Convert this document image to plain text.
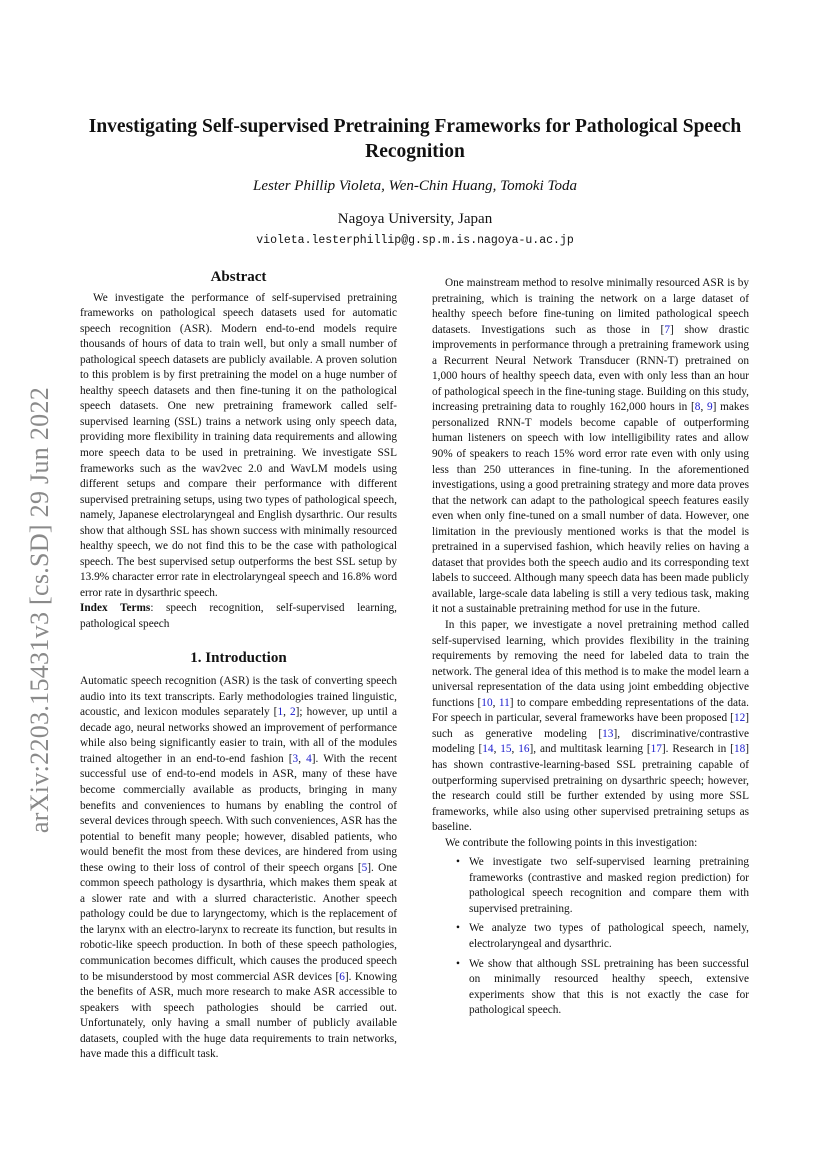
arXiv:2203.15431v3 [cs.SD] 29 Jun 2022
Investigating Self-supervised Pretraining Frameworks for Pathological Speech Recognition
Lester Phillip Violeta, Wen-Chin Huang, Tomoki Toda
Nagoya University, Japan
violeta.lesterphillip@g.sp.m.is.nagoya-u.ac.jp
Abstract

We investigate the performance of self-supervised pretraining frameworks on pathological speech datasets used for automatic speech recognition (ASR). Modern end-to-end models require thousands of hours of data to train well, but only a small number of pathological speech datasets are publicly available. A proven solution to this problem is by first pretraining the model on a huge number of healthy speech datasets and then fine-tuning it on the pathological speech datasets. One new pretraining framework called self-supervised learning (SSL) trains a network using only speech data, providing more flexibility in training data requirements and allowing more speech data to be used in pretraining. We investigate SSL frameworks such as the wav2vec 2.0 and WavLM models using different setups and compare their performance with different supervised pretraining setups, using two types of pathological speech, namely, Japanese electrolaryngeal and English dysarthric. Our results show that although SSL has shown success with minimally resourced healthy speech, we do not find this to be the case with pathological speech. The best supervised setup outperforms the best SSL setup by 13.9% character error rate in electrolaryngeal speech and 16.8% word error rate in dysarthric speech.

Index Terms: speech recognition, self-supervised learning, pathological speech

1. Introduction

Automatic speech recognition (ASR) is the task of converting speech audio into its text transcripts. Early methodologies trained linguistic, acoustic, and lexicon modules separately [1, 2]; however, up until a decade ago, neural networks showed an improvement of performance while also being significantly easier to train, with all of the modules trained altogether in an end-to-end fashion [3, 4]. With the recent successful use of end-to-end models in ASR, many of these have become commercially available as products, bringing in many benefits and conveniences to humans by enabling the control of several devices through speech. With such conveniences, ASR has the potential to benefit many people; however, disabled patients, who would benefit the most from these devices, are hindered from using these owing to their loss of control of their speech organs [5]. One common speech pathology is dysarthria, which makes them speak at a slower rate and with a slurred characteristic. Another speech pathology could be due to laryngectomy, which is the replacement of the larynx with an electro-larynx to recreate its function, but results in robotic-like speech production. In both of these speech pathologies, communication becomes difficult, which causes the produced speech to be misunderstood by most commercial ASR devices [6]. Knowing the benefits of ASR, much more research to make ASR accessible to speakers with speech pathologies should be carried out. Unfortunately, only having a small number of publicly available datasets, coupled with the huge data requirements to train networks, have made this a difficult task.

One mainstream method to resolve minimally resourced ASR is by pretraining, which is training the network on a large dataset of healthy speech before fine-tuning on limited pathological speech datasets. Investigations such as those in [7] show drastic improvements in performance through a pretraining framework using a Recurrent Neural Network Transducer (RNN-T) pretrained on 1,000 hours of healthy speech data, even with only less than an hour of pathological speech in the fine-tuning stage. Building on this study, increasing pretraining data to roughly 162,000 hours in [8, 9] makes personalized RNN-T models become capable of outperforming human listeners on speech with low intelligibility rates and allow 90% of speakers to reach 15% word error rate even with only using less than 250 utterances in fine-tuning. In the aforementioned investigations, using a good pretraining strategy and more data proves that the network can adapt to the pathological speech features easily even when only fine-tuned on a small number of data. However, one limitation in the previously mentioned works is that the model is pretrained in a supervised fashion, which heavily relies on having a dataset that provides both the speech audio and its corresponding text labels to succeed. Although many speech data has been made publicly available, large-scale data labeling is still a very tedious task, making it not a sustainable pretraining method for use in the future.

In this paper, we investigate a novel pretraining method called self-supervised learning, which provides flexibility in the training requirements by removing the need for labeled data to train the network. The general idea of this method is to make the model learn a universal representation of the data using joint embedding objective functions [10, 11] to compare embedding representations of the data. For speech in particular, several frameworks have been proposed [12] such as generative modeling [13], discriminative/contrastive modeling [14, 15, 16], and multitask learning [17]. Research in [18] has shown contrastive-learning-based SSL pretraining capable of outperforming supervised pretraining on dysarthric speech; however, the research could still be further extended by using more SSL frameworks, while also using other supervised pretraining setups as baseline.

We contribute the following points in this investigation:

• We investigate two self-supervised learning pretraining frameworks (contrastive and masked region prediction) for pathological speech recognition and compare them with supervised pretraining.
• We analyze two types of pathological speech, namely, electrolaryngeal and dysarthric.
• We show that although SSL pretraining has been successful on minimally resourced healthy speech, extensive experiments show that this is not exactly the case for pathological speech.
